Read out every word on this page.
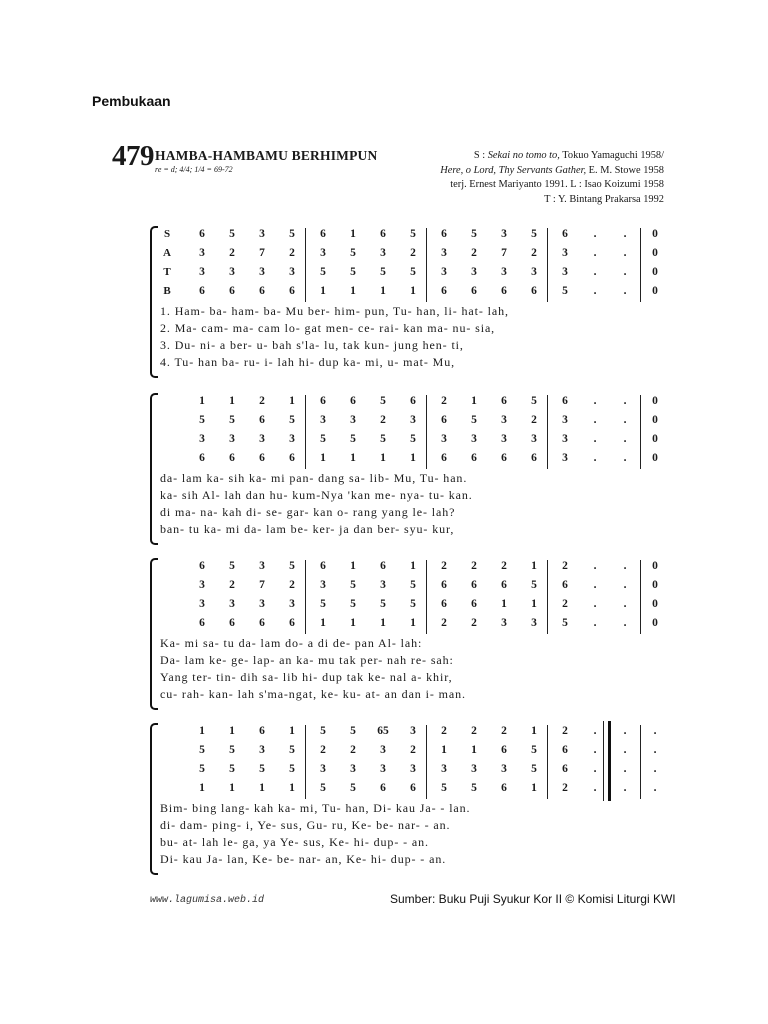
Pembukaan
479 HAMBA-HAMBAMU BERHIMPUN
re = d; 4/4; 1/4 = 69-72
S : Sekai no tomo to, Tokuo Yamaguchi 1958/
Here, o Lord, Thy Servants Gather, E. M. Stowe 1958
terj. Ernest Mariyanto 1991. L : Isao Koizumi 1958
T : Y. Bintang Prakarsa 1992
S	6	5	3	5	6	1	6	5	6	5	3	5	6	.	.	0
A	3	2	7	2	3	5	3	2	3	2	7	2	3	.	.	0
T	3	3	3	3	5	5	5	5	3	3	3	3	3	.	.	0
B	6	6	6	6	1	1	1	1	6	6	6	6	5	.	.	0
1. Ham- ba- ham- ba- Mu ber- him- pun, Tu- han, li- hat- lah,
2. Ma- cam- ma- cam lo- gat men- ce- rai- kan ma- nu- sia,
3. Du- ni- a ber- u- bah s'la- lu, tak kun- jung hen- ti,
4. Tu- han ba- ru- i- lah hi- dup ka- mi, u- mat- Mu,
1	1	2	1	6	6	5	6	2	1	6	5	6	.	.	0
5	5	6	5	3	3	2	3	6	5	3	2	3	.	.	0
3	3	3	3	5	5	5	5	3	3	3	3	3	.	.	0
6	6	6	6	1	1	1	1	6	6	6	6	3	.	.	0
da- lam ka- sih ka- mi pan- dang sa- lib- Mu, Tu- han.
ka- sih Al- lah dan hu- kum-Nya 'kan me- nya- tu- kan.
di ma- na- kah di- se- gar- kan o- rang yang le- lah?
ban- tu ka- mi da- lam be- ker- ja dan ber- syu- kur,
6	5	3	5	6	1	6	1	2	2	2	1	2	.	.	0
3	2	7	2	3	5	3	5	6	6	6	5	6	.	.	0
3	3	3	3	5	5	5	5	6	6	1	1	2	.	.	0
6	6	6	6	1	1	1	1	2	2	3	3	5	.	.	0
Ka- mi sa- tu da- lam do- a di de- pan Al- lah:
Da- lam ke- ge- lap- an ka- mu tak per- nah re- sah:
Yang ter- tin- dih sa- lib hi- dup tak ke- nal a- khir,
cu- rah- kan- lah s'ma-ngat, ke- ku- at- an dan i- man.
1	1	6	1	5	5	65	3	2	2	2	1	2	.	.	.
5	5	3	5	2	2	3	2	1	1	6	5	6	.	.	.
5	5	5	5	3	3	3	3	3	3	3	5	6	.	.	.
1	1	1	1	5	5	6	6	5	5	6	1	2	.	.	.
Bim- bing lang- kah ka- mi, Tu- han, Di- kau Ja- - lan.
di- dam- ping- i, Ye- sus, Gu- ru, Ke- be- nar- - an.
bu- at- lah le- ga, ya Ye- sus, Ke- hi- dup- - an.
Di- kau Ja- lan, Ke- be- nar- an, Ke- hi- dup- - an.
www.lagumisa.web.id	Sumber: Buku Puji Syukur Kor II © Komisi Liturgi KWI
